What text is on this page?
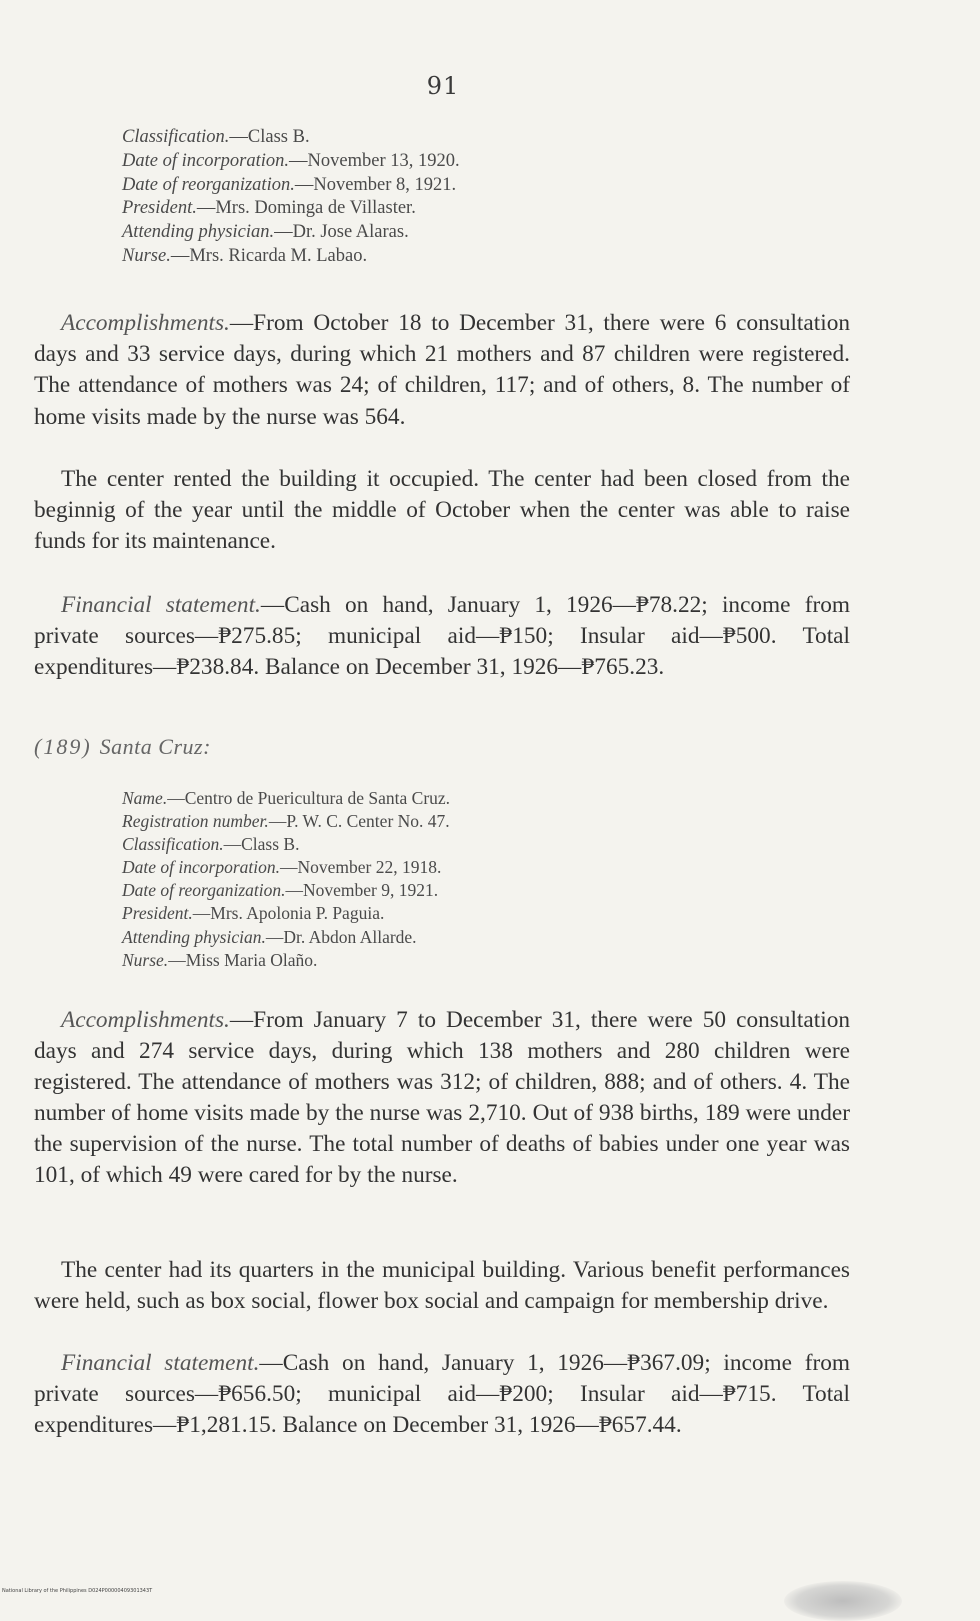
91
Classification.—Class B.
Date of incorporation.—November 13, 1920.
Date of reorganization.—November 8, 1921.
President.—Mrs. Dominga de Villaster.
Attending physician.—Dr. Jose Alaras.
Nurse.—Mrs. Ricarda M. Labao.

Accomplishments.—From October 18 to December 31, there were 6 consultation days and 33 service days, during which 21 mothers and 87 children were registered. The attendance of mothers was 24; of children, 117; and of others, 8. The number of home visits made by the nurse was 564.

The center rented the building it occupied. The center had been closed from the beginnig of the year until the middle of October when the center was able to raise funds for its maintenance.

Financial statement.—Cash on hand, January 1, 1926—₱78.22; income from private sources—₱275.85; municipal aid—₱150; Insular aid—₱500. Total expenditures—₱238.84. Balance on December 31, 1926—₱765.23.

(189) Santa Cruz:
Name.—Centro de Puericultura de Santa Cruz.
Registration number.—P. W. C. Center No. 47.
Classification.—Class B.
Date of incorporation.—November 22, 1918.
Date of reorganization.—November 9, 1921.
President.—Mrs. Apolonia P. Paguia.
Attending physician.—Dr. Abdon Allarde.
Nurse.—Miss Maria Olaño.

Accomplishments.—From January 7 to December 31, there were 50 consultation days and 274 service days, during which 138 mothers and 280 children were registered. The attendance of mothers was 312; of children, 888; and of others. 4. The number of home visits made by the nurse was 2,710. Out of 938 births, 189 were under the supervision of the nurse. The total number of deaths of babies under one year was 101, of which 49 were cared for by the nurse.

The center had its quarters in the municipal building. Various benefit performances were held, such as box social, flower box social and campaign for membership drive.

Financial statement.—Cash on hand, January 1, 1926—₱367.09; income from private sources—₱656.50; municipal aid—₱200; Insular aid—₱715. Total expenditures—₱1,281.15. Balance on December 31, 1926—₱657.44.

National Library of the Philippines D024P00000409301343T
